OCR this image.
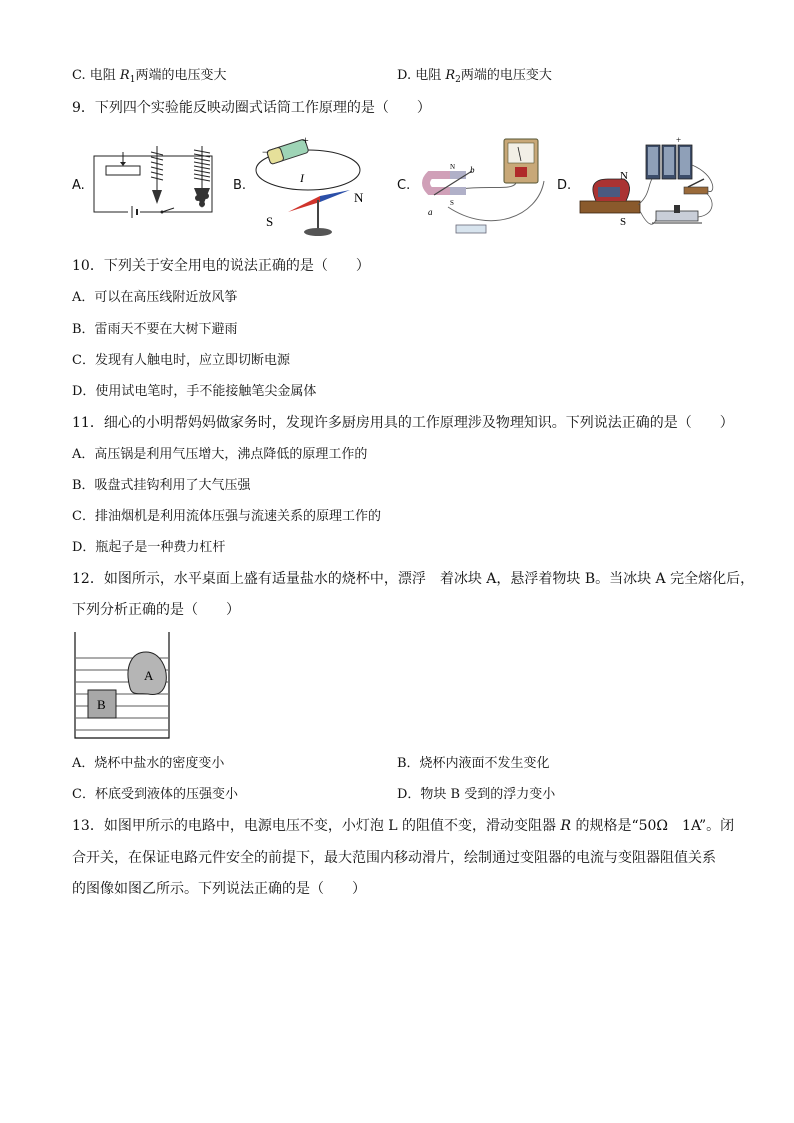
C. 电阻 $R_1$两端的电压变大	D. 电阻 $R_2$两端的电压变大
9．下列四个实验能反映动圈式话筒工作原理的是（　　）
A.	B.	C.	D.
+
−
I
S
N
N
S
a
b
+
N
S
10．下列关于安全用电的说法正确的是（　　）
A．可以在高压线附近放风筝
B．雷雨天不要在大树下避雨
C．发现有人触电时，应立即切断电源
D．使用试电笔时，手不能接触笔尖金属体
11．细心的小明帮妈妈做家务时，发现许多厨房用具的工作原理涉及物理知识。下列说法正确的是（　　）
A．高压锅是利用气压增大，沸点降低的原理工作的
B．吸盘式挂钩利用了大气压强
C．排油烟机是利用流体压强与流速关系的原理工作的
D．瓶起子是一种费力杠杆
12．如图所示，水平桌面上盛有适量盐水的烧杯中，漂浮　着冰块 A，悬浮着物块 B。当冰块 A 完全熔化后，
下列分析正确的是（　　）
A
B
A．烧杯中盐水的密度变小	B．烧杯内液面不发生变化
C．杯底受到液体的压强变小	D．物块 B 受到的浮力变小
13．如图甲所示的电路中，电源电压不变，小灯泡 L 的阻值不变，滑动变阻器 R 的规格是“50Ω　1A”。闭
合开关，在保证电路元件安全的前提下，最大范围内移动滑片，绘制通过变阻器的电流与变阻器阻值关系
的图像如图乙所示。下列说法正确的是（　　）
